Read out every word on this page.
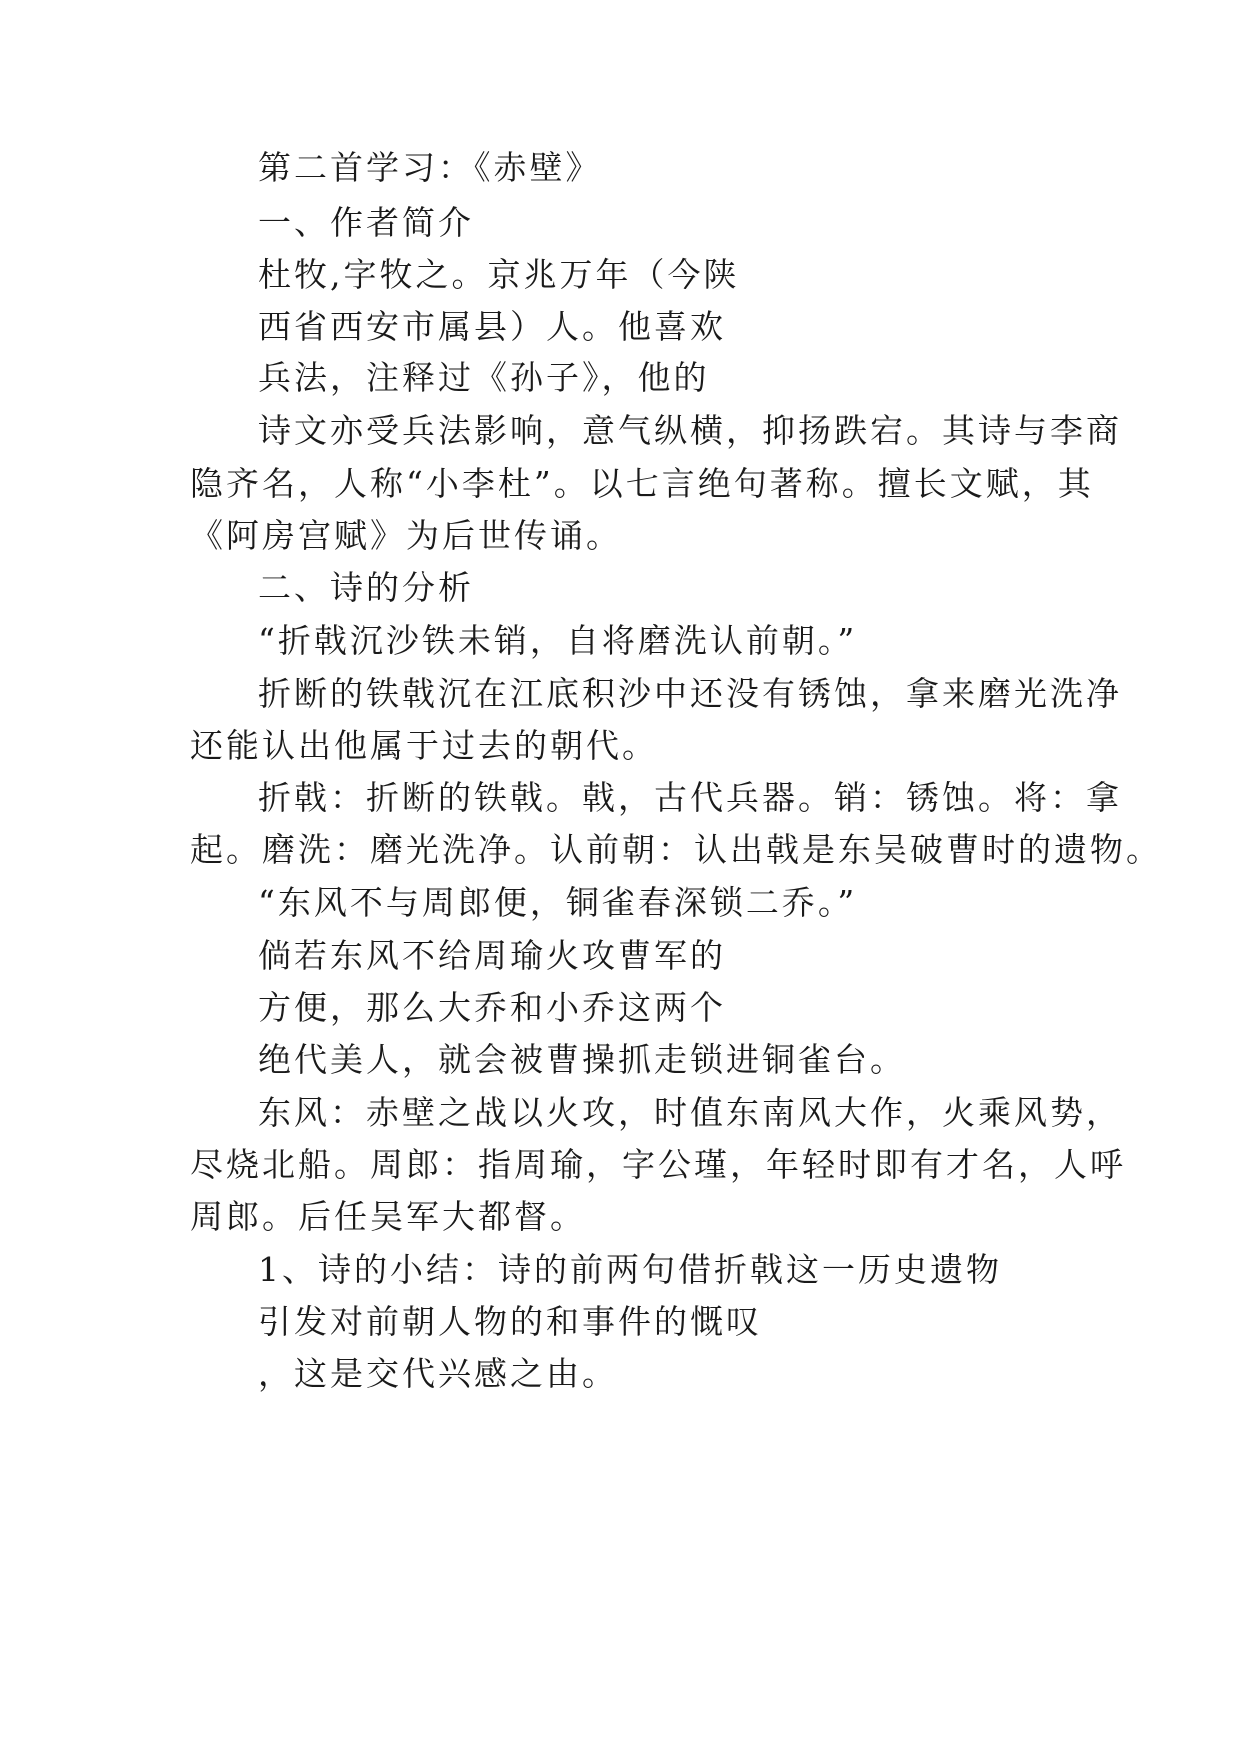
第二首学习：《赤壁》
一、作者简介
杜牧,字牧之。京兆万年（今陕
西省西安市属县）人。他喜欢
兵法，注释过《孙子》，他的
诗文亦受兵法影响，意气纵横，抑扬跌宕。其诗与李商
隐齐名，人称“小李杜”。以七言绝句著称。擅长文赋，其
《阿房宫赋》为后世传诵。
二、诗的分析
“折戟沉沙铁未销，自将磨洗认前朝。”
折断的铁戟沉在江底积沙中还没有锈蚀，拿来磨光洗净
还能认出他属于过去的朝代。
折戟：折断的铁戟。戟，古代兵器。销：锈蚀。将：拿
起。磨洗：磨光洗净。认前朝：认出戟是东吴破曹时的遗物。
“东风不与周郎便，铜雀春深锁二乔。”
倘若东风不给周瑜火攻曹军的
方便，那么大乔和小乔这两个
绝代美人，就会被曹操抓走锁进铜雀台。
东风：赤壁之战以火攻，时值东南风大作，火乘风势，
尽烧北船。周郎：指周瑜，字公瑾，年轻时即有才名，人呼
周郎。后任吴军大都督。
1、诗的小结：诗的前两句借折戟这一历史遗物
引发对前朝人物的和事件的慨叹
，这是交代兴感之由。
